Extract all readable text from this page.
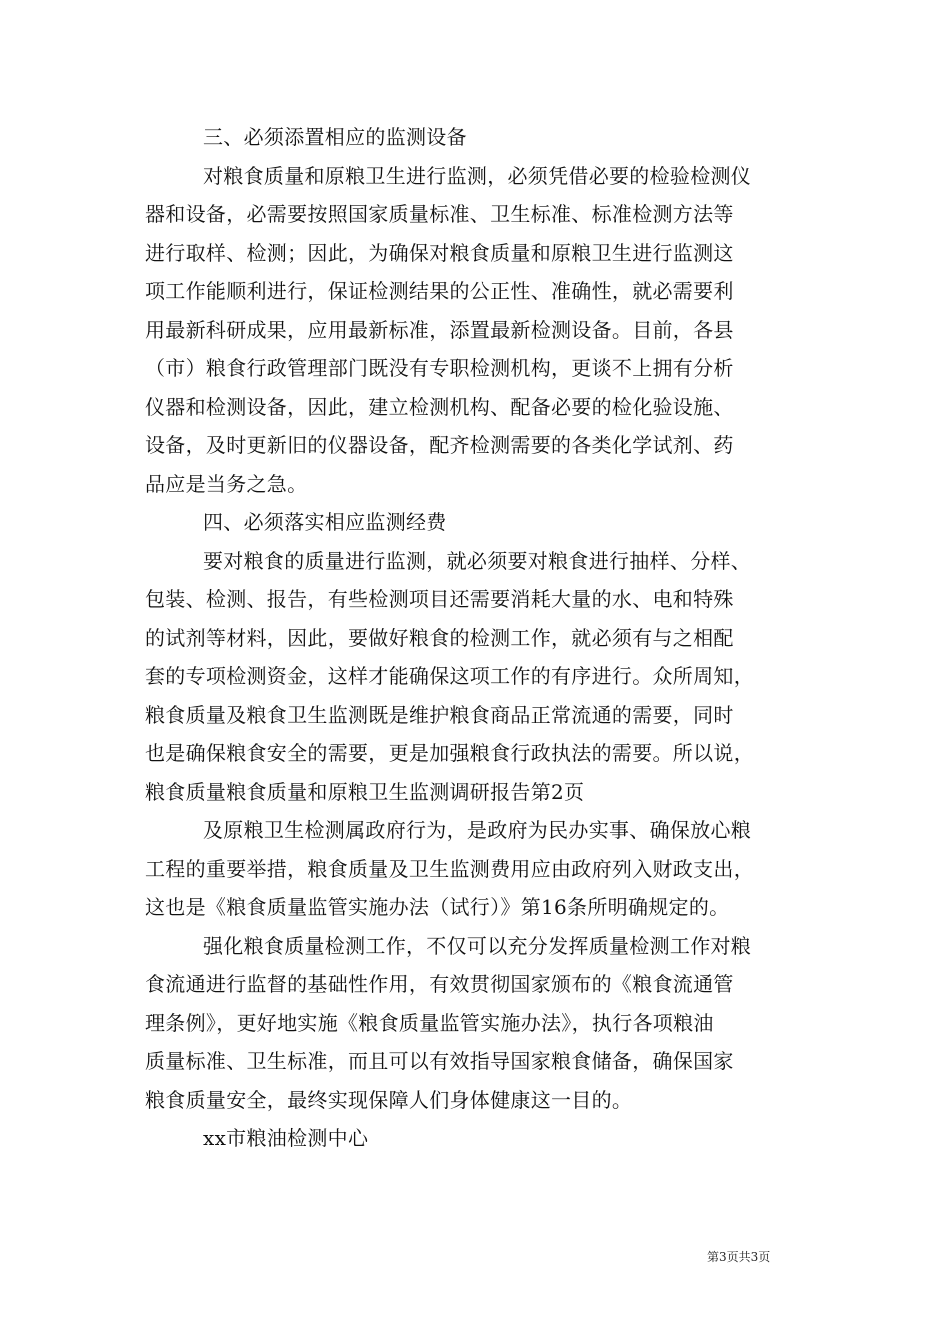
三、必须添置相应的监测设备

对粮食质量和原粮卫生进行监测，必须凭借必要的检验检测仪
器和设备，必需要按照国家质量标准、卫生标准、标准检测方法等
进行取样、检测；因此，为确保对粮食质量和原粮卫生进行监测这
项工作能顺利进行，保证检测结果的公正性、准确性，就必需要利
用最新科研成果，应用最新标准，添置最新检测设备。目前，各县
（市）粮食行政管理部门既没有专职检测机构，更谈不上拥有分析
仪器和检测设备，因此，建立检测机构、配备必要的检化验设施、
设备，及时更新旧的仪器设备，配齐检测需要的各类化学试剂、药
品应是当务之急。

四、必须落实相应监测经费

要对粮食的质量进行监测，就必须要对粮食进行抽样、分样、
包装、检测、报告，有些检测项目还需要消耗大量的水、电和特殊
的试剂等材料，因此，要做好粮食的检测工作，就必须有与之相配
套的专项检测资金，这样才能确保这项工作的有序进行。众所周知，
粮食质量及粮食卫生监测既是维护粮食商品正常流通的需要，同时
也是确保粮食安全的需要，更是加强粮食行政执法的需要。所以说，
粮食质量粮食质量和原粮卫生监测调研报告第2页
及原粮卫生检测属政府行为，是政府为民办实事、确保放心粮
工程的重要举措，粮食质量及卫生监测费用应由政府列入财政支出，
这也是《粮食质量监管实施办法（试行）》第16条所明确规定的。
强化粮食质量检测工作，不仅可以充分发挥质量检测工作对粮
食流通进行监督的基础性作用，有效贯彻国家颁布的《粮食流通管
理条例》，更好地实施《粮食质量监管实施办法》，执行各项粮油
质量标准、卫生标准，而且可以有效指导国家粮食储备，确保国家
粮食质量安全，最终实现保障人们身体健康这一目的。

xx市粮油检测中心

第3页共3页
